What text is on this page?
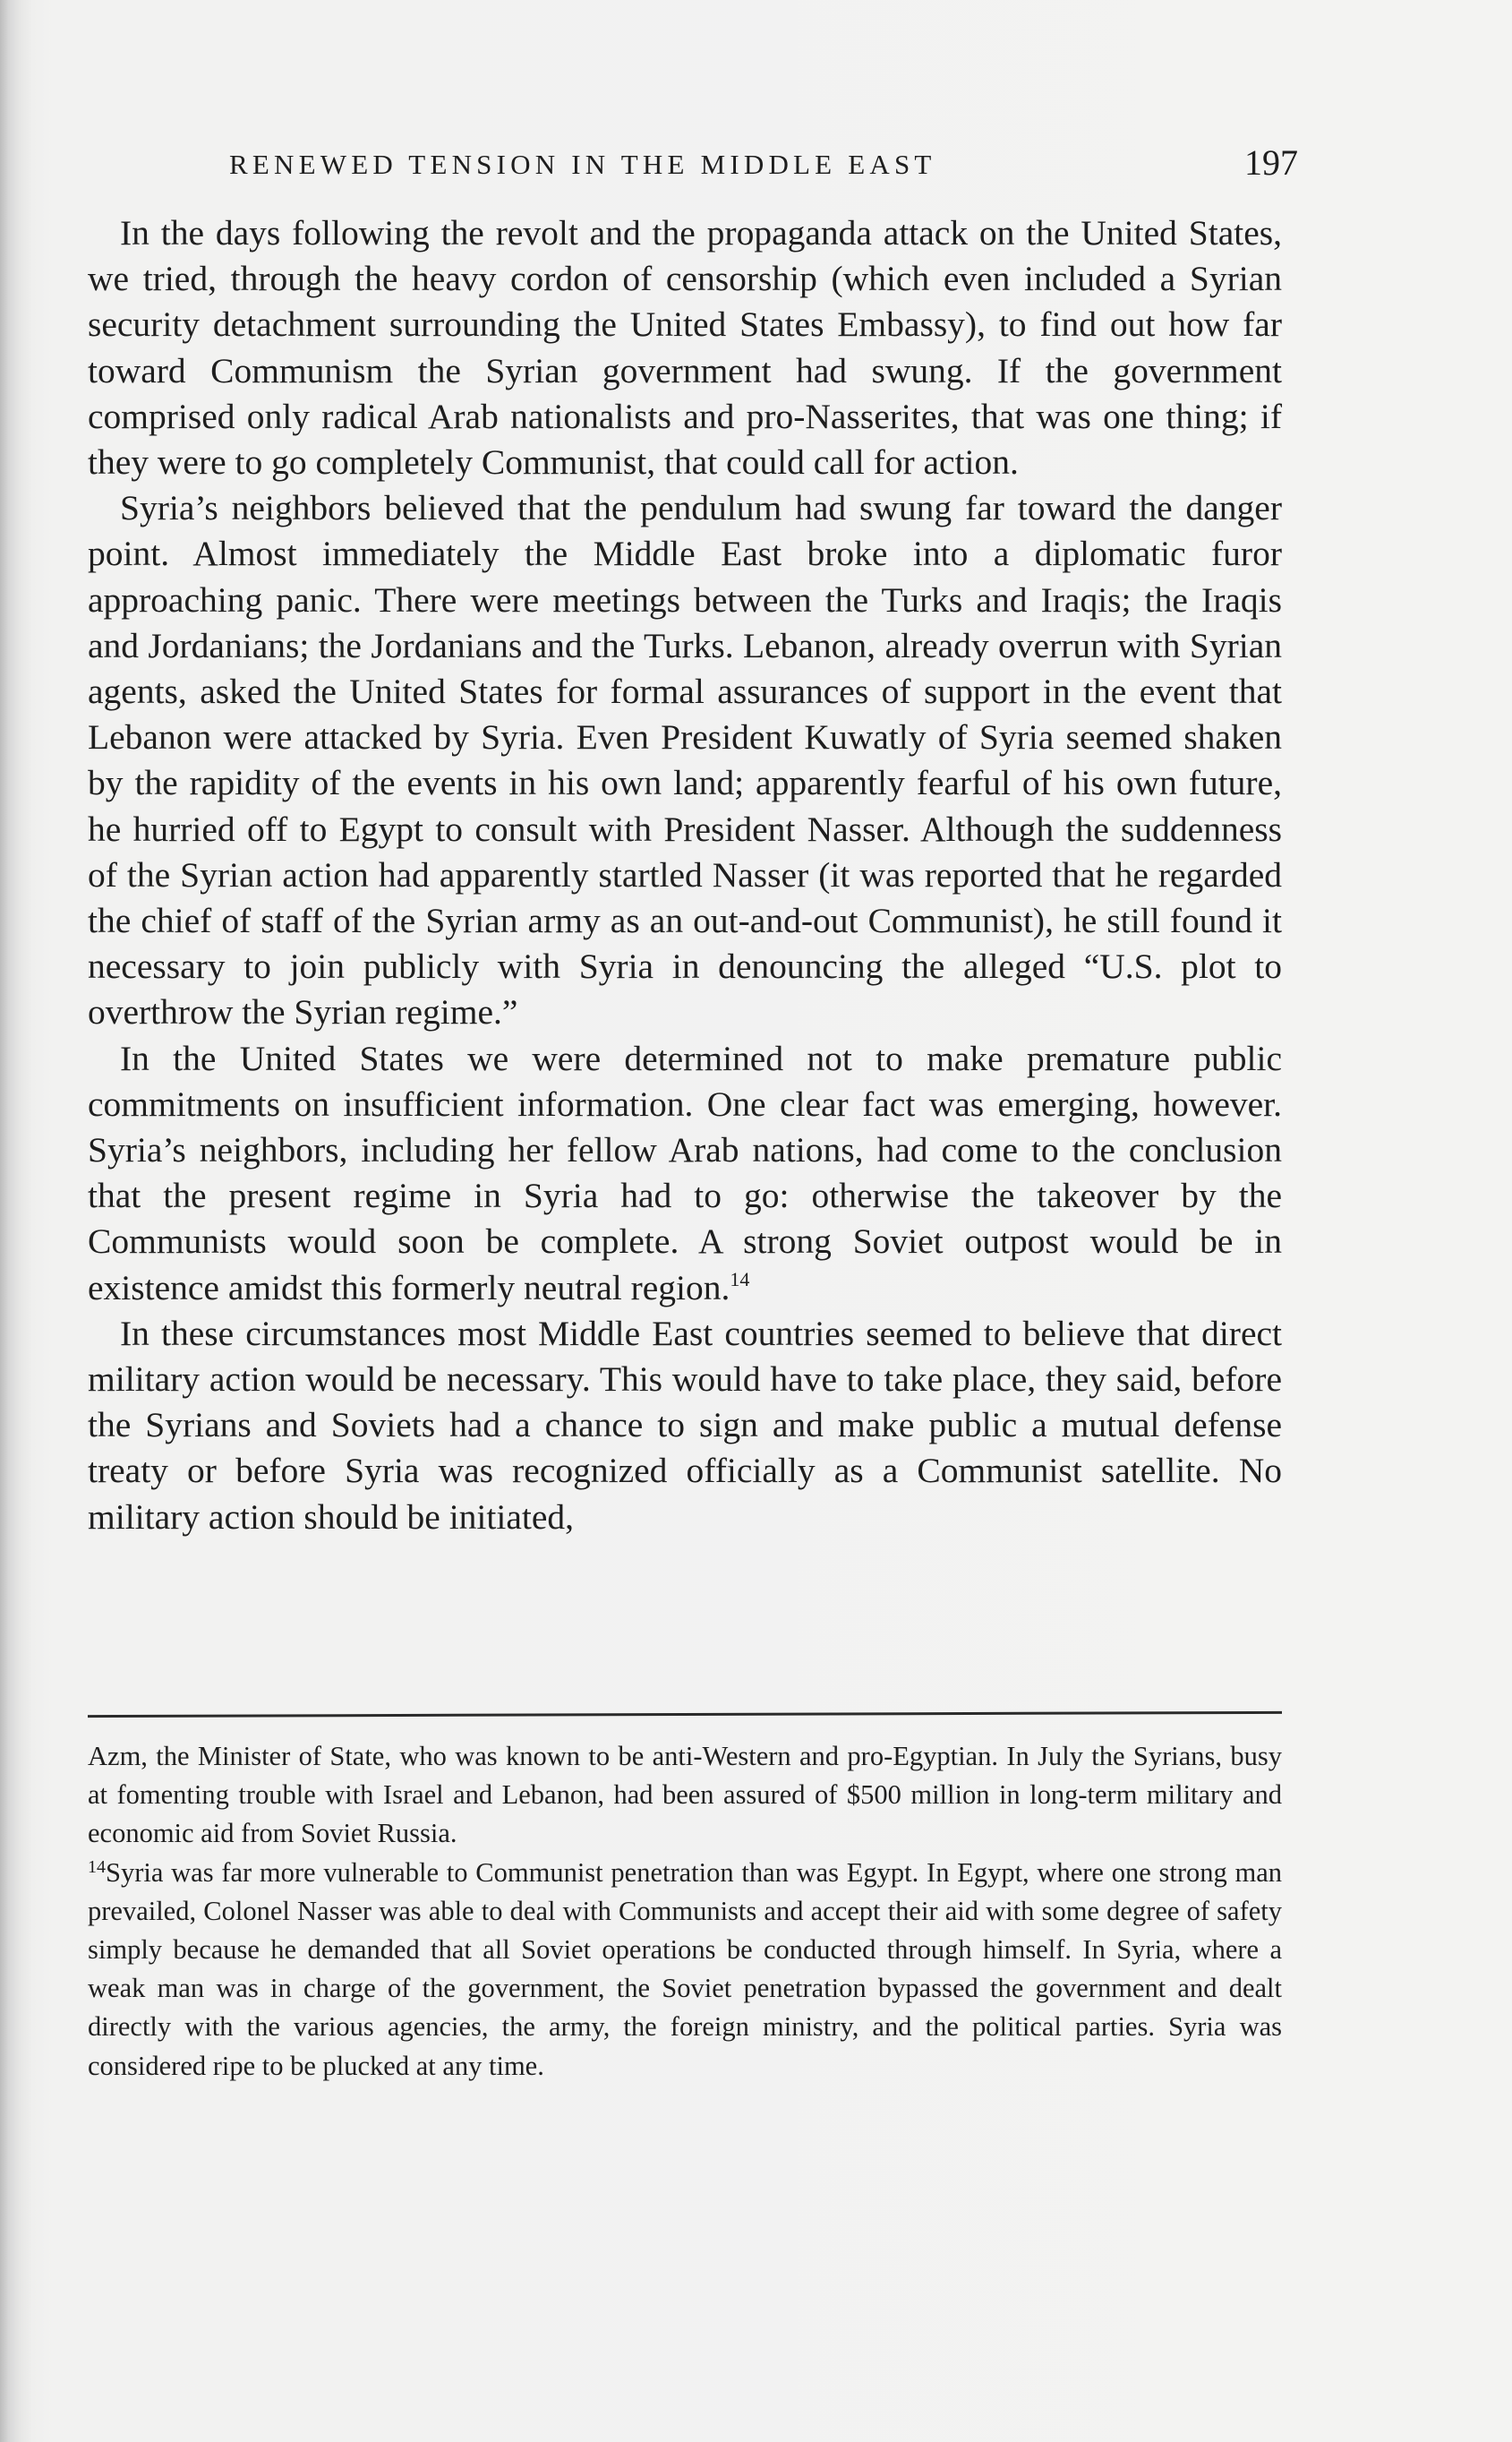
RENEWED TENSION IN THE MIDDLE EAST	197

In the days following the revolt and the propaganda attack on the United States, we tried, through the heavy cordon of censorship (which even included a Syrian security detachment surrounding the United States Embassy), to find out how far toward Communism the Syrian government had swung. If the government comprised only radical Arab nationalists and pro-Nasserites, that was one thing; if they were to go completely Communist, that could call for action.

Syria’s neighbors believed that the pendulum had swung far toward the danger point. Almost immediately the Middle East broke into a diplomatic furor approaching panic. There were meetings between the Turks and Iraqis; the Iraqis and Jordanians; the Jordanians and the Turks. Lebanon, already overrun with Syrian agents, asked the United States for formal assurances of support in the event that Lebanon were attacked by Syria. Even President Kuwatly of Syria seemed shaken by the rapidity of the events in his own land; apparently fearful of his own future, he hurried off to Egypt to consult with President Nasser. Although the suddenness of the Syrian action had apparently startled Nasser (it was reported that he regarded the chief of staff of the Syrian army as an out-and-out Communist), he still found it necessary to join publicly with Syria in denouncing the alleged “U.S. plot to overthrow the Syrian regime.”

In the United States we were determined not to make premature public commitments on insufficient information. One clear fact was emerging, however. Syria’s neighbors, including her fellow Arab nations, had come to the conclusion that the present regime in Syria had to go: otherwise the takeover by the Communists would soon be complete. A strong Soviet outpost would be in existence amidst this formerly neutral region.$^{14}$

In these circumstances most Middle East countries seemed to believe that direct military action would be necessary. This would have to take place, they said, before the Syrians and Soviets had a chance to sign and make public a mutual defense treaty or before Syria was recognized officially as a Communist satellite. No military action should be initiated,

Azm, the Minister of State, who was known to be anti-Western and pro-Egyptian. In July the Syrians, busy at fomenting trouble with Israel and Lebanon, had been assured of $500 million in long-term military and economic aid from Soviet Russia.

$^{14}$Syria was far more vulnerable to Communist penetration than was Egypt. In Egypt, where one strong man prevailed, Colonel Nasser was able to deal with Communists and accept their aid with some degree of safety simply because he demanded that all Soviet operations be conducted through himself. In Syria, where a weak man was in charge of the government, the Soviet penetration bypassed the government and dealt directly with the various agencies, the army, the foreign ministry, and the political parties. Syria was considered ripe to be plucked at any time.
